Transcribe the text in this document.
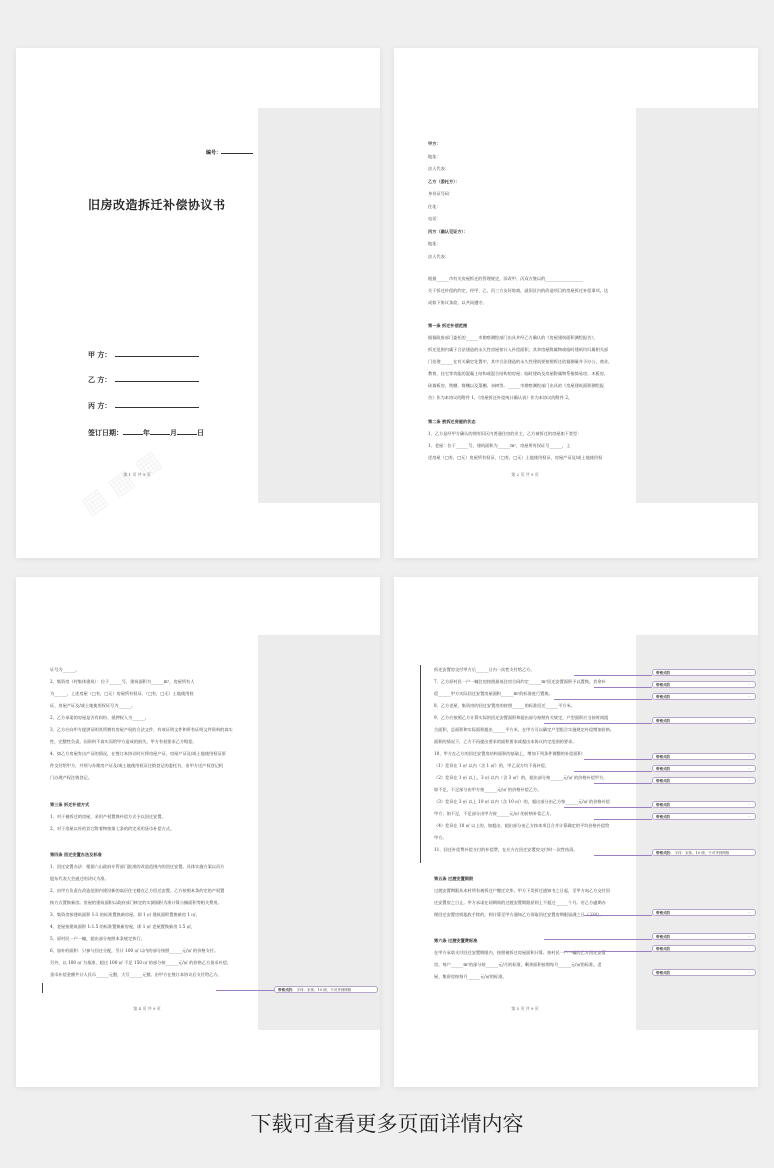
编号：
旧房改造拆迁补偿协议书
甲 方：
乙 方：
丙 方：
签订日期：	年	月	日
第 1 页 共 9 页
甲方：
地址：
法人代表：
乙方（委托方）：
身份证号码：
住址：
电话：
丙方（确认见证方）：
地址：
法人代表：
根据______市有关房屋拆迁的管理规定，旧改甲、丙双方签以的__________________
关于拆迁补偿的约定，经甲、乙、丙三方友好协商，就旧区内的改造项目的房屋拆迁补偿事项，达
成如下协议条款，以共同遵守。
第一条 拆迁补偿范围
根据政府部门委托的______市勘察测绘部门出具并经乙方确认的《房屋建筑面积测绘报告》，
拆迁范围内属于合法建造的永久性房屋按计入补偿面积，其余房屋附属物或临时建筑均归属相关部
门处理______在有关确定处置中，其中合法建造的永久性建筑要按照拆迁依据测量并予办公，商业，
教育，住宅等功能的混凝土结构或混合结构的房屋；临时建筑及房屋附属物系指简易房、木板房、
砖墙板房、铁棚、简棚以及菜棚、杂树等。______市勘察测绘部门出具的《房屋建筑面积测绘报
告》作为本协议的附件 1，《房屋拆迁补偿统计确认表》作为本协议的附件 2。
第二条 被拆迁房屋的状态
1、乙方是经甲方确认的拥有旧区内普通住房的业主，乙方被拆迁的房屋如下类型：
1、老屋：位于______号，建筑面积为______m²，房屋所有权证号______，上
述房屋（□有，□无）房屋所有权证、（□有，□无）土地使用权证、房屋产证及/或土地使用权
第 2 页 共 9 页
证号为______。
2、集资房（村集体建筑）：位于______号，建筑面积为______m²，房屋所有人
为______。上述房屋（□有，□无）房屋所有权证、（□有，□无）土地使用权
证、房屋产证及/或土地使用权证号为______。
2、乙方承诺的房屋是否有纠纷、抵押权人为______。
3、乙方应向甲方提供证明其所拥有房屋产权的合法文件，有效证明文件和所有证明文件资料的真实
性，完整性负责。因资料不真实而给甲方造成的损失，甲方有权要求乙方赔偿。
4、如乙方房屋有出产证的情况，在签订本协议时应将房屋产证，房屋产证及/或土地使用权证原
件交付给甲方，并须与办理房产证及/或土地使用权证注销登记的委托书，由甲方送产权登记机
门办理产权注销登记。
第三条 拆迁补偿方式
1、对于被拆迁的房屋，采用产权置换补偿方式予以回迁安置。
2、对于房屋以外的其它附着物按第七条的约定采用货币补偿方式。
第四条 回迁安置办法及标准
1、回迁安置办法：根据六山政府专管部门批准的改造范围内的回迁安置。具体实施方案以丙方
股东代表大会通过的决议为准。
2、由甲方负责在改造范围内建设新的高层住宅楼在乙方回迁安置。乙方按照本条约定的产权置
换方式置换新房。房屋的建筑面积以政府部门核定的实测面积为准计算公摊面积等相关费用。
3、集资房按建筑面积 1:1 的标准置换新房屋。即 1 ㎡ 建筑面积置换新房 1 ㎡。
4、老屋按建筑面积 1:1.5 的标准置换新房屋，即 1 ㎡ 老屋置换新房 1.5 ㎡，
5、原村民一户一幢，超出部分按照本条规定执行。
6、加补的面积：只参与回迁分配，另计 100 ㎡ 以内的部分按照______元/㎡ 的价格支付。
另外，以 100 ㎡ 为基准，超过 100 ㎡ 不足 150 ㎡ 的部分按______元/㎡ 的价格乙方货币补偿，
货币补偿金额共计人民币______元整，大写______元整。由甲方在签订本协议后支付给乙方。
带格式的： 字体：宋体、10 磅、不对齐到网格
第 4 页 共 9 页
拆迁安置房交付甲方后______日内一次性支付给乙方。
7、乙方原村民一户一幢住房按照最低住房合同约定______m²回迁安置面积予以置换，其余补
偿______甲方实际回迁安置房屋面积______m²的标准进行置换。
8、乙方老屋、集资房的回迁安置房的按照______的标准回迁______平方米。
9、乙方应按照乙方计算实际的回迁安置面积和超出部分按照有关规定，户型面积应当按时间组
合面积，总面积和实际面积超出______平方米，在甲方可以确定户型组合实施规定补偿增加价格。
面积的情况下，乙方不再提出要求的面积要求或超出本协议约定范围的要求。
10、甲方在乙方的回迁安置房结构面积的基础上，增加下列条件调整的补偿面积：
（1）差异在 1 ㎡ 以内（含 1 ㎡）的，甲乙双方均不再补偿。
（2）差异在 1 ㎡ 以上，3 ㎡ 以内（含 3 ㎡）的，超出部分按______元/㎡ 的价格补偿甲方，
如不足，不足部分由甲方按______元/㎡ 的价格补偿乙方。
（3）差异在 3 ㎡ 以上 10 ㎡ 以内（含 10 ㎡）的，超出部分由乙方按______元/㎡ 的价格补偿
甲方；如不足，不足部分由甲方按______元/㎡ 的价格补偿乙方。
（4）差异在 10 ㎡ 以上的，如超出，超出部分由乙方按本项目合并计算确定的平均价格补偿给
甲方。
11、回迁补偿费补偿支付的补偿费，在应方在回迁安置房交付时一次性结清。
第五条 过渡安置期限
过渡安置期限从本村所有被拆迁户搬迁完毕，甲方下发拆迁通知书之日起，至甲方向乙方交付回
迁安置房之日止。甲方承诺在同期间的过渡安置期限原则上不超过______个月。若乙方逾期办
理回迁安置房钥匙收手续的，则计算至甲方通知乙方领取回迁安置房期限届满之日（下同）。
第六条 过渡安置费标准
在甲方承诺支付回迁安置期限内，按照被拆迁房屋面积计算。按村民一户一幢的乙方回迁安置
房，每户______m²的部分按______元/月的标准，剩余面积按照每月______元/㎡的标准。老
屋、集资房按每月______元/㎡的标准。
带格式的	···
带格式的	···
带格式的	···
带格式的	···
带格式的	···
带格式的	···
带格式的	···
带格式的	···
带格式的	···
带格式的： 字体：宋体、10 磅、不对齐到网格
带格式的	···
带格式的	···
带格式的	···
带格式的	···
第 5 页 共 9 页
下载可查看更多页面详情内容
